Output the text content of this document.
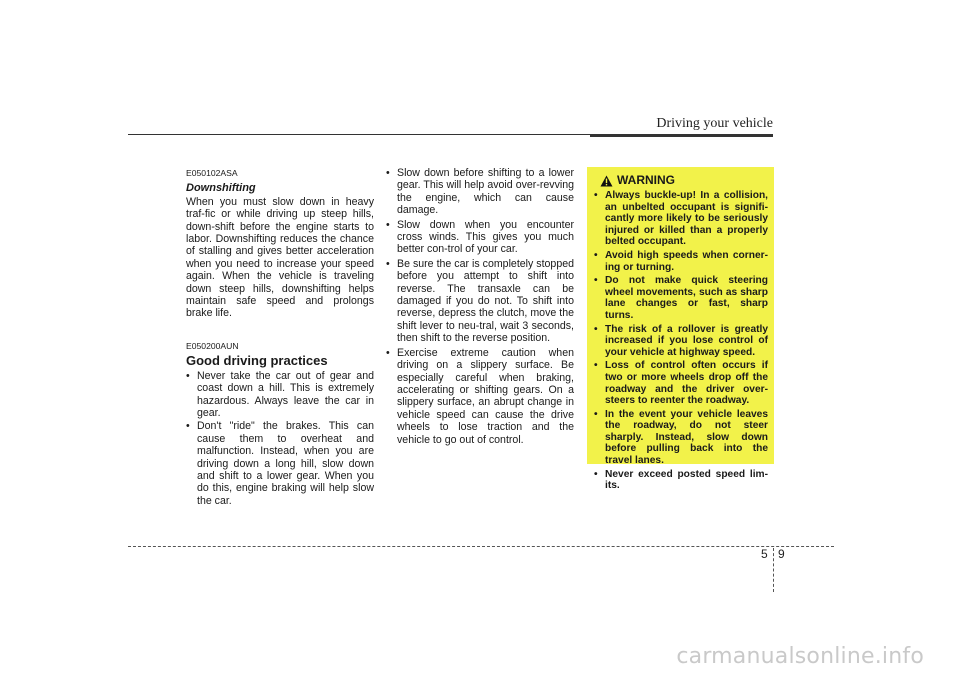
Driving your vehicle
E050102ASA
Downshifting

When you must slow down in heavy traf-fic or while driving up steep hills, down-shift before the engine starts to labor. Downshifting reduces the chance of stalling and gives better acceleration when you need to increase your speed again. When the vehicle is traveling down steep hills, downshifting helps maintain safe speed and prolongs brake life.

E050200AUN
Good driving practices
• Never take the car out of gear and coast down a hill. This is extremely hazardous. Always leave the car in gear.
• Don't "ride" the brakes. This can cause them to overheat and malfunction. Instead, when you are driving down a long hill, slow down and shift to a lower gear. When you do this, engine braking will help slow the car.
• Slow down before shifting to a lower gear. This will help avoid over-revving the engine, which can cause damage.
• Slow down when you encounter cross winds. This gives you much better con-trol of your car.
• Be sure the car is completely stopped before you attempt to shift into reverse. The transaxle can be damaged if you do not. To shift into reverse, depress the clutch, move the shift lever to neu-tral, wait 3 seconds, then shift to the reverse position.
• Exercise extreme caution when driving on a slippery surface. Be especially careful when braking, accelerating or shifting gears. On a slippery surface, an abrupt change in vehicle speed can cause the drive wheels to lose traction and the vehicle to go out of control.
WARNING
• Always buckle-up! In a collision, an unbelted occupant is signifi-cantly more likely to be seriously injured or killed than a properly belted occupant.
• Avoid high speeds when corner-ing or turning.
• Do not make quick steering wheel movements, such as sharp lane changes or fast, sharp turns.
• The risk of a rollover is greatly increased if you lose control of your vehicle at highway speed.
• Loss of control often occurs if two or more wheels drop off the roadway and the driver over-steers to reenter the roadway.
• In the event your vehicle leaves the roadway, do not steer sharply. Instead, slow down before pulling back into the travel lanes.
• Never exceed posted speed lim-its.
5 9
carmanualsonline.info
